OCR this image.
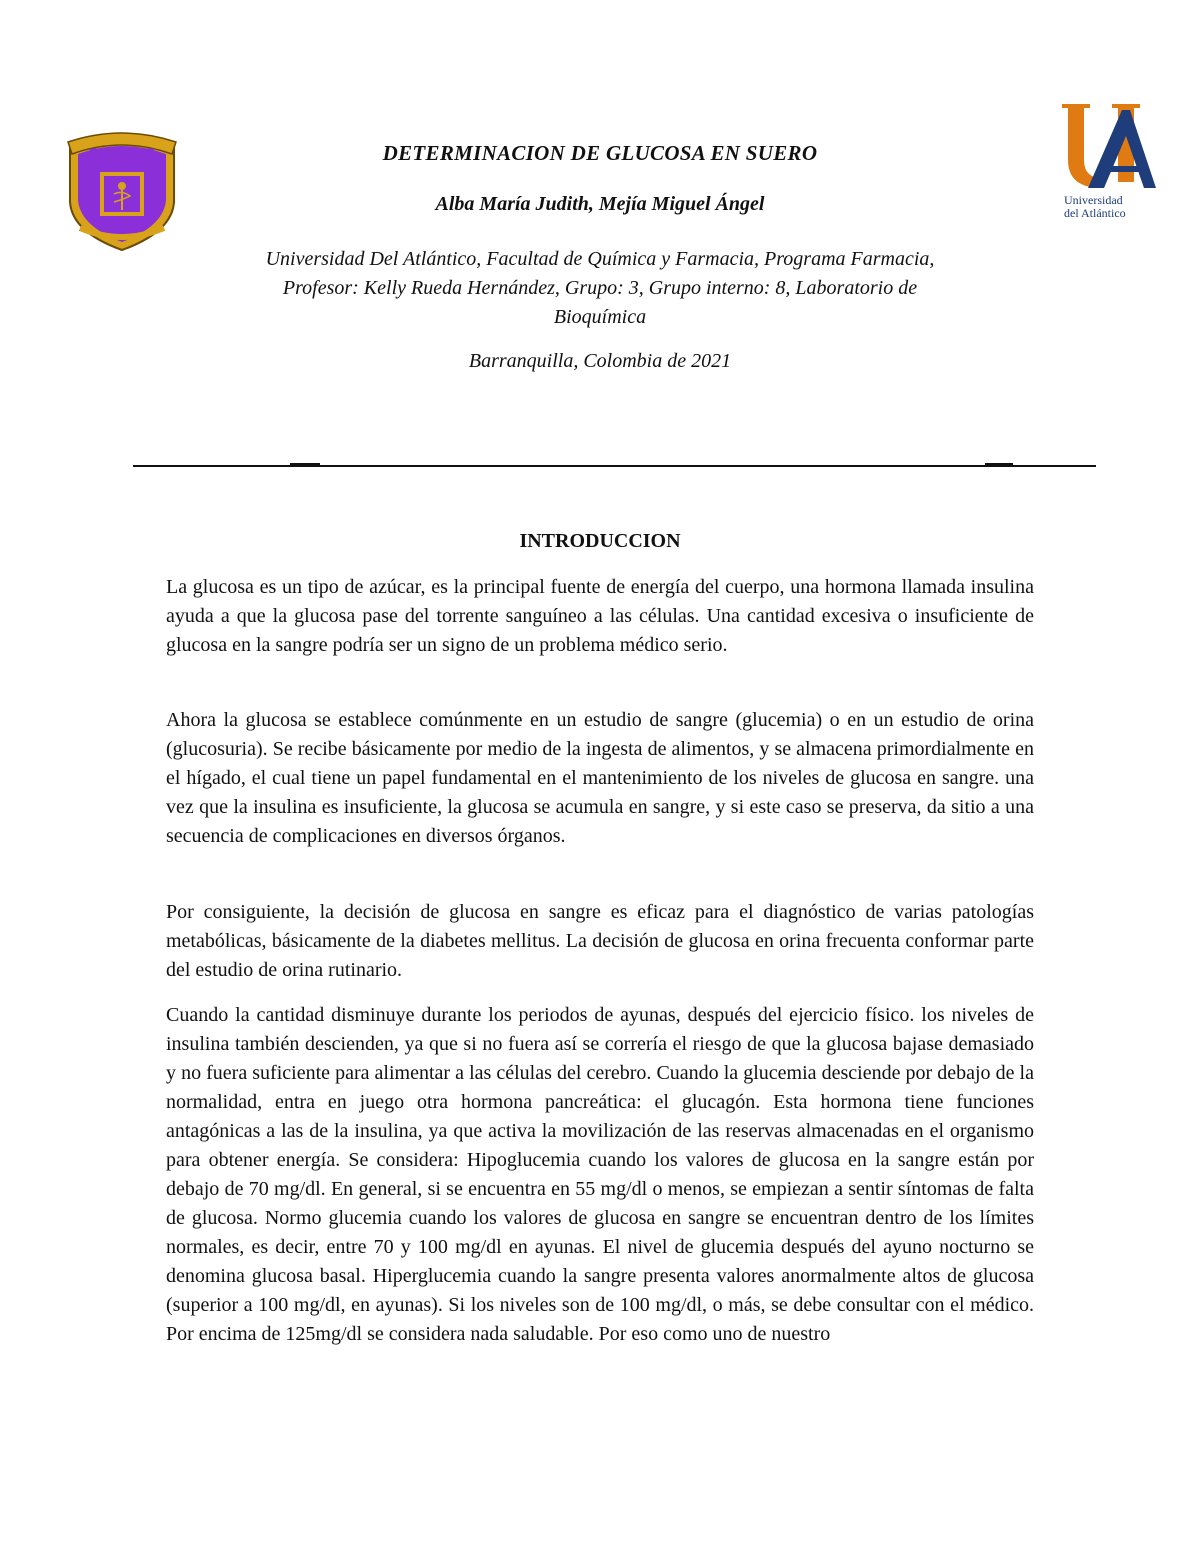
Universidad
del Atlántico
DETERMINACION DE GLUCOSA EN SUERO
Alba María Judith, Mejía Miguel Ángel
Universidad Del Atlántico, Facultad de Química y Farmacia, Programa Farmacia,
Profesor: Kelly Rueda Hernández, Grupo: 3, Grupo interno: 8, Laboratorio de
Bioquímica
Barranquilla, Colombia de 2021
INTRODUCCION
La glucosa es un tipo de azúcar, es la principal fuente de energía del cuerpo, una hormona llamada insulina ayuda a que la glucosa pase del torrente sanguíneo a las células. Una cantidad excesiva o insuficiente de glucosa en la sangre podría ser un signo de un problema médico serio.
Ahora la glucosa se establece comúnmente en un estudio de sangre (glucemia) o en un estudio de orina (glucosuria). Se recibe básicamente por medio de la ingesta de alimentos, y se almacena primordialmente en el hígado, el cual tiene un papel fundamental en el mantenimiento de los niveles de glucosa en sangre. una vez que la insulina es insuficiente, la glucosa se acumula en sangre, y si este caso se preserva, da sitio a una secuencia de complicaciones en diversos órganos.
Por consiguiente, la decisión de glucosa en sangre es eficaz para el diagnóstico de varias patologías metabólicas, básicamente de la diabetes mellitus. La decisión de glucosa en orina frecuenta conformar parte del estudio de orina rutinario.
Cuando la cantidad disminuye durante los periodos de ayunas, después del ejercicio físico. los niveles de insulina también descienden, ya que si no fuera así se correría el riesgo de que la glucosa bajase demasiado y no fuera suficiente para alimentar a las células del cerebro. Cuando la glucemia desciende por debajo de la normalidad, entra en juego otra hormona pancreática: el glucagón. Esta hormona tiene funciones antagónicas a las de la insulina, ya que activa la movilización de las reservas almacenadas en el organismo para obtener energía. Se considera: Hipoglucemia cuando los valores de glucosa en la sangre están por debajo de 70 mg/dl. En general, si se encuentra en 55 mg/dl o menos, se empiezan a sentir síntomas de falta de glucosa. Normo glucemia cuando los valores de glucosa en sangre se encuentran dentro de los límites normales, es decir, entre 70 y 100 mg/dl en ayunas. El nivel de glucemia después del ayuno nocturno se denomina glucosa basal. Hiperglucemia cuando la sangre presenta valores anormalmente altos de glucosa (superior a 100 mg/dl, en ayunas). Si los niveles son de 100 mg/dl, o más, se debe consultar con el médico. Por encima de 125mg/dl se considera nada saludable. Por eso como uno de nuestro
